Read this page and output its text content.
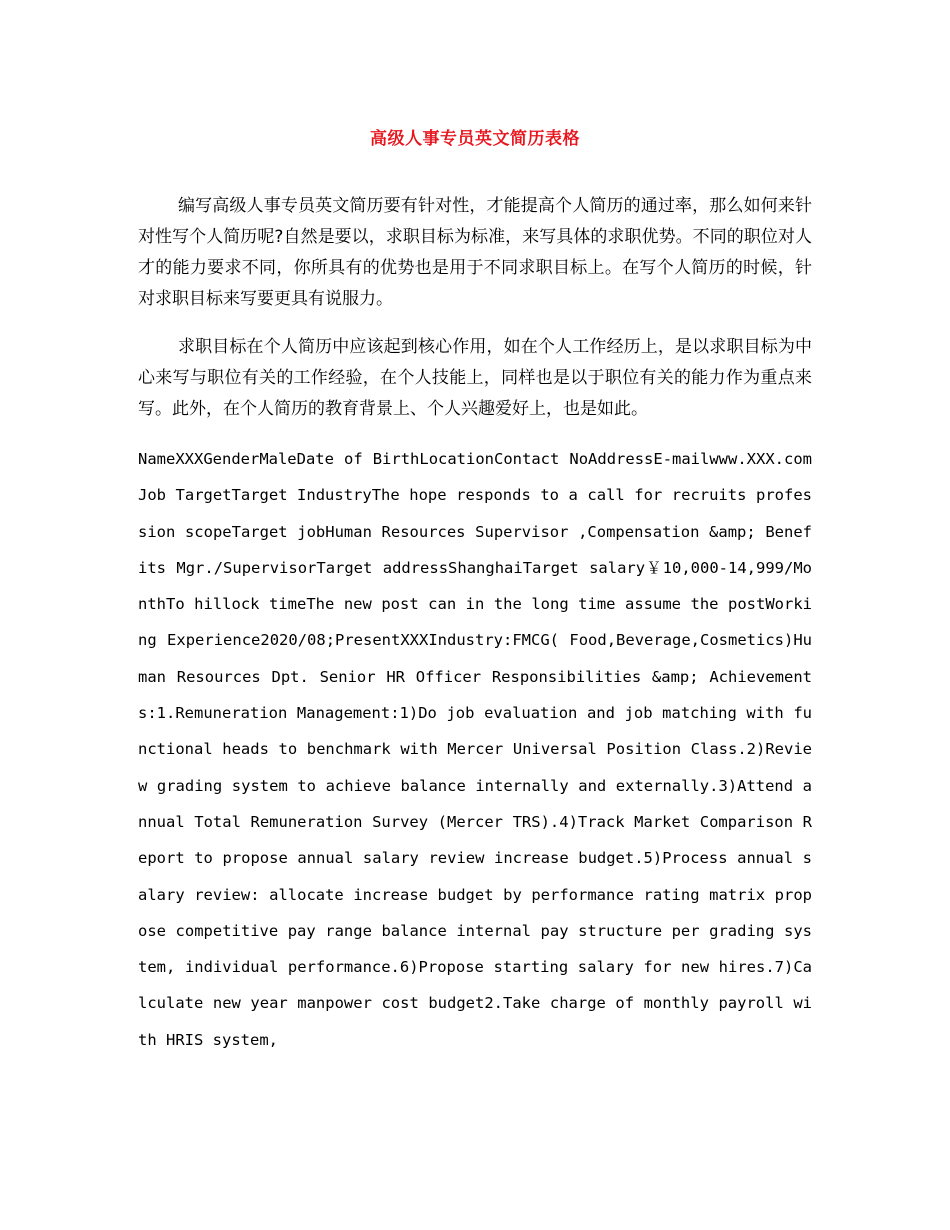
高级人事专员英文简历表格

编写高级人事专员英文简历要有针对性，才能提高个人简历的通过率，那么如何来针对性写个人简历呢?自然是要以，求职目标为标准，来写具体的求职优势。不同的职位对人才的能力要求不同，你所具有的优势也是用于不同求职目标上。在写个人简历的时候，针对求职目标来写要更具有说服力。

求职目标在个人简历中应该起到核心作用，如在个人工作经历上，是以求职目标为中心来写与职位有关的工作经验，在个人技能上，同样也是以于职位有关的能力作为重点来写。此外，在个人简历的教育背景上、个人兴趣爱好上，也是如此。

NameXXXGenderMaleDate of BirthLocationContact NoAddressE-mailwww.XXX.comJob TargetTarget IndustryThe hope responds to a call for recruits profession scopeTarget jobHuman Resources Supervisor ,Compensation &amp; Benefits Mgr./SupervisorTarget addressShanghaiTarget salary￥10,000-14,999/MonthTo hillock timeThe new post can in the long time assume the postWorking Experience2020/08;PresentXXXIndustry:FMCG( Food,Beverage,Cosmetics)Human Resources Dpt. Senior HR Officer Responsibilities &amp; Achievements:1.Remuneration Management:1)Do job evaluation and job matching with functional heads to benchmark with Mercer Universal Position Class.2)Review grading system to achieve balance internally and externally.3)Attend annual Total Remuneration Survey (Mercer TRS).4)Track Market Comparison Report to propose annual salary review increase budget.5)Process annual salary review: allocate increase budget by performance rating matrix propose competitive pay range balance internal pay structure per grading system, individual performance.6)Propose starting salary for new hires.7)Calculate new year manpower cost budget2.Take charge of monthly payroll with HRIS system,
